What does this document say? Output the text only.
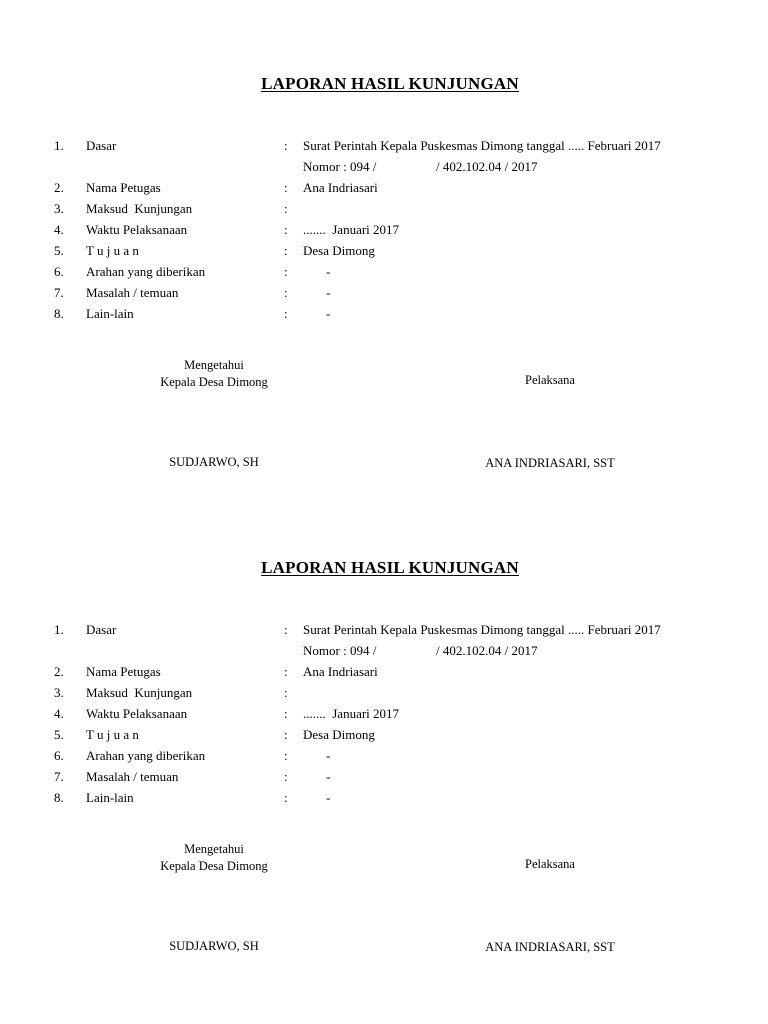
LAPORAN HASIL KUNJUNGAN
1. Dasar	: Surat Perintah Kepala Puskesmas Dimong tanggal ..... Februari 2017
Nomor : 094 /	/ 402.102.04 / 2017
2. Nama Petugas	: Ana Indriasari
3. Maksud  Kunjungan	:
4. Waktu Pelaksanaan	: .......  Januari 2017
5. T u j u a n	: Desa Dimong
6. Arahan yang diberikan	:	-
7. Masalah / temuan	:	-
8. Lain-lain	:	-
Mengetahui
Kepala Desa Dimong	Pelaksana
SUDJARWO, SH	ANA INDRIASARI, SST
LAPORAN HASIL KUNJUNGAN
1. Dasar	: Surat Perintah Kepala Puskesmas Dimong tanggal ..... Februari 2017
Nomor : 094 /	/ 402.102.04 / 2017
2. Nama Petugas	: Ana Indriasari
3. Maksud  Kunjungan	:
4. Waktu Pelaksanaan	: .......  Januari 2017
5. T u j u a n	: Desa Dimong
6. Arahan yang diberikan	:	-
7. Masalah / temuan	:	-
8. Lain-lain	:	-
Mengetahui
Kepala Desa Dimong	Pelaksana
SUDJARWO, SH	ANA INDRIASARI, SST
